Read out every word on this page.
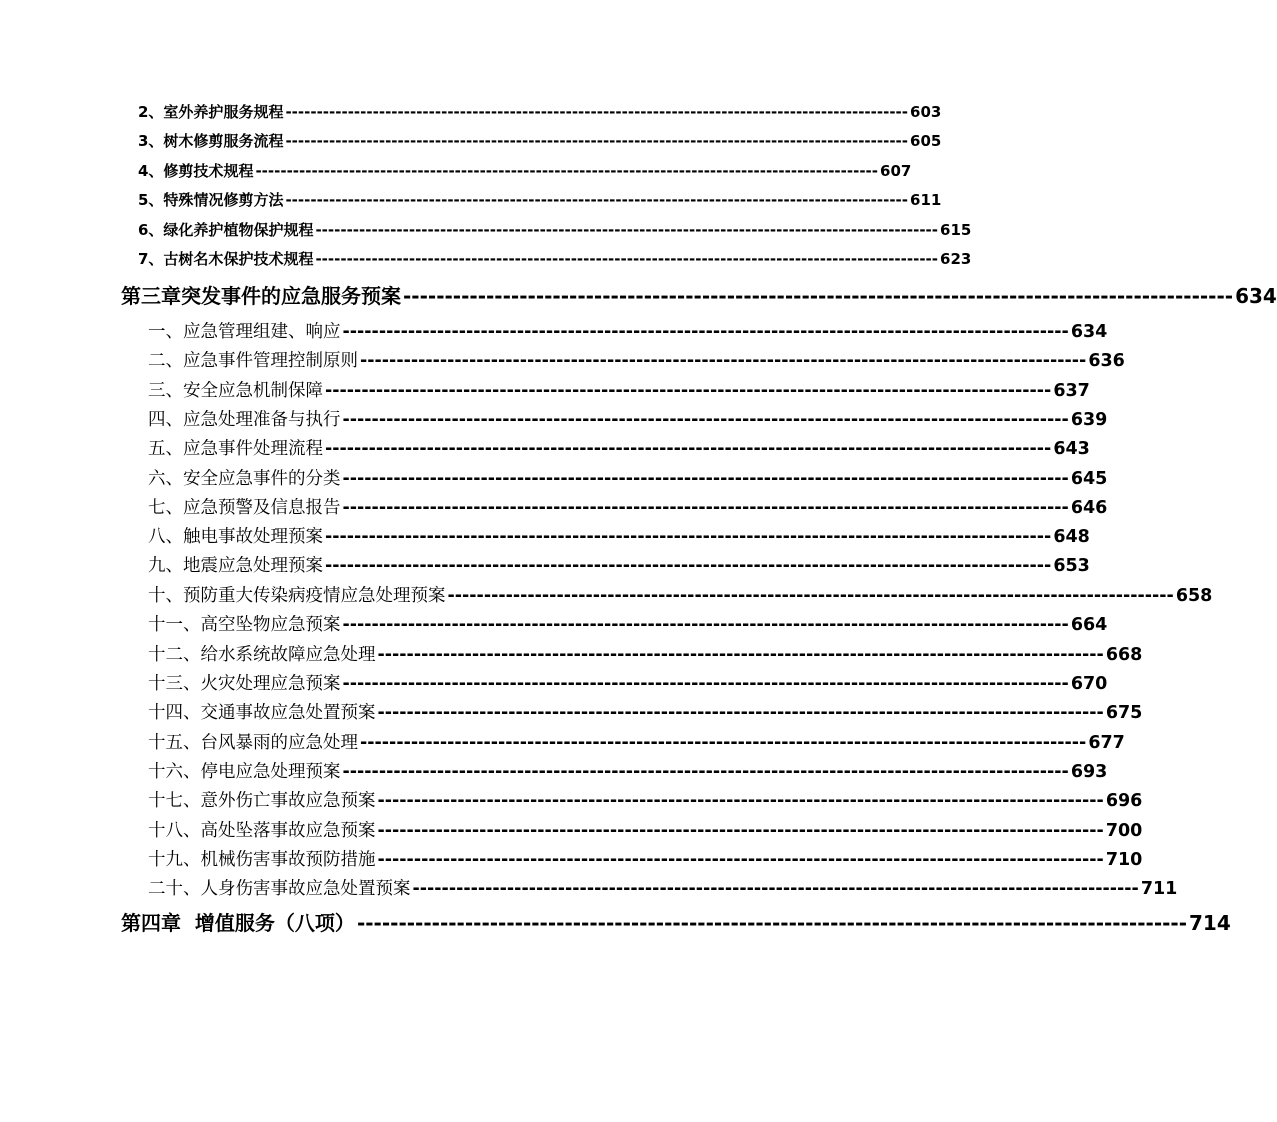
2、室外养护服务规程 ---------------------------------------------------------------------------------------------------- 603
3、树木修剪服务流程 ---------------------------------------------------------------------------------------------------- 605
4、修剪技术规程 ---------------------------------------------------------------------------------------------------- 607
5、特殊情况修剪方法 ---------------------------------------------------------------------------------------------------- 611
6、绿化养护植物保护规程 ---------------------------------------------------------------------------------------------------- 615
7、古树名木保护技术规程 ---------------------------------------------------------------------------------------------------- 623
第三章突发事件的应急服务预案 ---------------------------------------------------------------------------------------------------- 634
一、应急管理组建、响应 ---------------------------------------------------------------------------------------------------- 634
二、应急事件管理控制原则 ---------------------------------------------------------------------------------------------------- 636
三、安全应急机制保障 ---------------------------------------------------------------------------------------------------- 637
四、应急处理准备与执行 ---------------------------------------------------------------------------------------------------- 639
五、应急事件处理流程 ---------------------------------------------------------------------------------------------------- 643
六、安全应急事件的分类 ---------------------------------------------------------------------------------------------------- 645
七、应急预警及信息报告 ---------------------------------------------------------------------------------------------------- 646
八、触电事故处理预案 ---------------------------------------------------------------------------------------------------- 648
九、地震应急处理预案 ---------------------------------------------------------------------------------------------------- 653
十、预防重大传染病疫情应急处理预案 ---------------------------------------------------------------------------------------------------- 658
十一、高空坠物应急预案 ---------------------------------------------------------------------------------------------------- 664
十二、给水系统故障应急处理 ---------------------------------------------------------------------------------------------------- 668
十三、火灾处理应急预案 ---------------------------------------------------------------------------------------------------- 670
十四、交通事故应急处置预案 ---------------------------------------------------------------------------------------------------- 675
十五、台风暴雨的应急处理 ---------------------------------------------------------------------------------------------------- 677
十六、停电应急处理预案 ---------------------------------------------------------------------------------------------------- 693
十七、意外伤亡事故应急预案 ---------------------------------------------------------------------------------------------------- 696
十八、高处坠落事故应急预案 ---------------------------------------------------------------------------------------------------- 700
十九、机械伤害事故预防措施 ---------------------------------------------------------------------------------------------------- 710
二十、人身伤害事故应急处置预案 ---------------------------------------------------------------------------------------------------- 711
第四章  增值服务（八项） ---------------------------------------------------------------------------------------------------- 714
